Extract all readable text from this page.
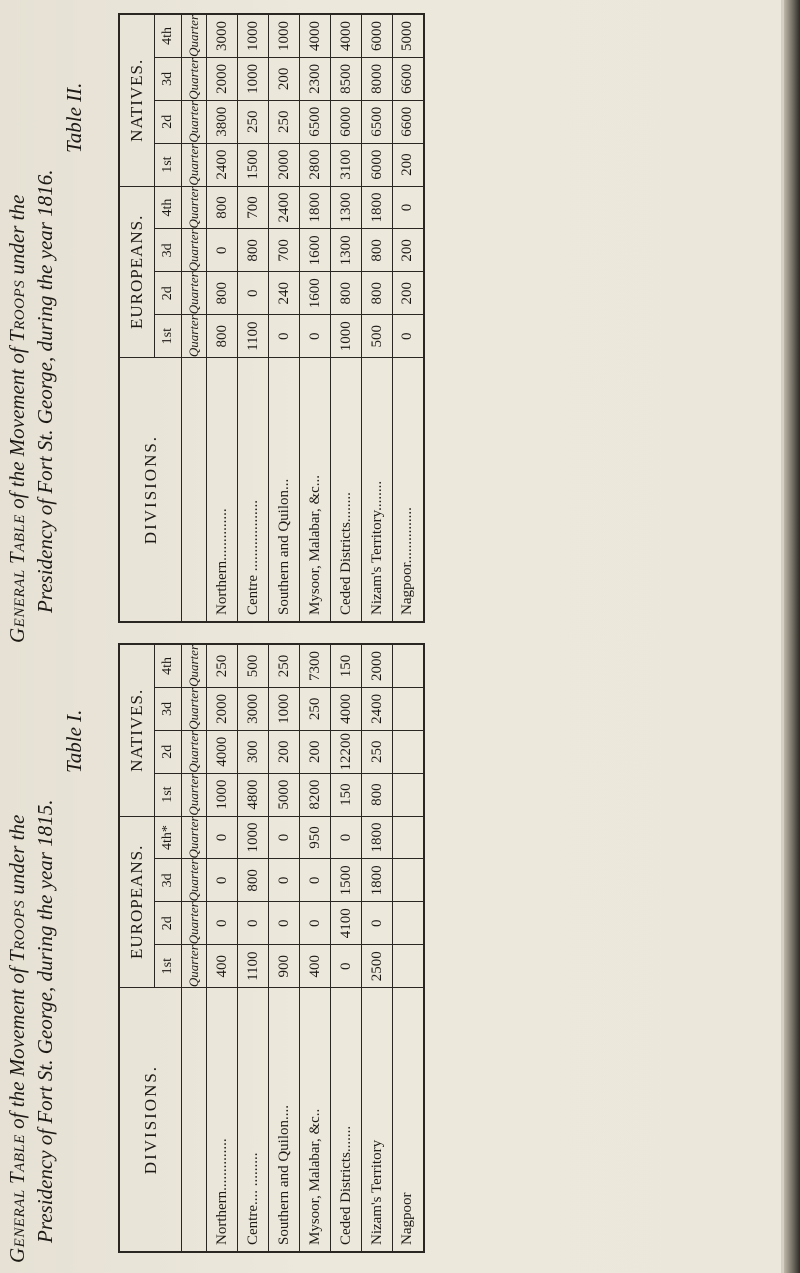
General Table of the Movement of Troops under the Presidency of Fort St. George, during the year 1816.
Table II.
DIVISIONS.	EUROPEANS.				NATIVES.			
	1st	2d	3d	4th	1st	2d	3d	4th
	Quarter	Quarter	Quarter	Quarter	Quarter	Quarter	Quarter	Quarter
Northern..............	800	800	0	800	2400	3800	2000	3000
Centre ...................	1100	0	800	700	1500	250	1000	1000
Southern and Quilon...	0	240	700	2400	2000	250	200	1000
Mysoor, Malabar, &c...	0	1600	1600	1800	2800	6500	2300	4000
Ceded Districts........	1000	800	1300	1300	3100	6000	8500	4000
Nizam's Territory........	500	800	800	1800	6000	6500	8000	6000
Nagpoor...............	0	200	200	0	200	6600	6600	5000
General Table of the Movement of Troops under the Presidency of Fort St. George, during the year 1815.
Table I.
DIVISIONS.	EUROPEANS.				NATIVES.			
	1st	2d	3d	4th*	1st	2d	3d	4th
	Quarter	Quarter	Quarter	Quarter	Quarter	Quarter	Quarter	Quarter
Northern..............	400	0	0	0	1000	4000	2000	250
Centre.... .........	1100	0	800	1000	4800	300	3000	500
Southern and Quilon....	900	0	0	0	5000	200	1000	250
Mysoor, Malabar, &c..	400	0	0	950	8200	200	250	7300
Ceded Districts.......	0	4100	1500	0	150	12200	4000	150
Nizam's Territory	2500	0	1800	1800	800	250	2400	2000
Nagpoor								
